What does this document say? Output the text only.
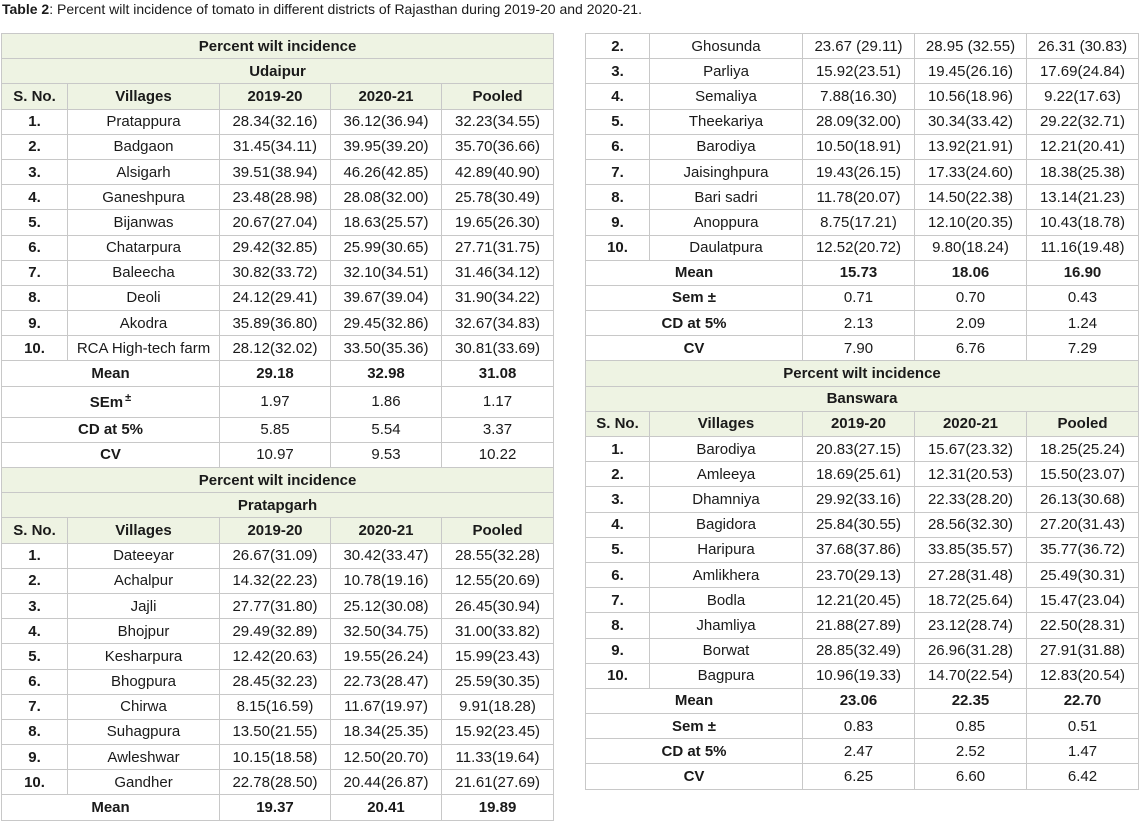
Table 2: Percent wilt incidence of tomato in different districts of Rajasthan during 2019-20 and 2020-21.
Percent wilt incidence				
Udaipur				
S. No.	Villages	2019-20	2020-21	Pooled
1.	Pratappura	28.34(32.16)	36.12(36.94)	32.23(34.55)
2.	Badgaon	31.45(34.11)	39.95(39.20)	35.70(36.66)
3.	Alsigarh	39.51(38.94)	46.26(42.85)	42.89(40.90)
4.	Ganeshpura	23.48(28.98)	28.08(32.00)	25.78(30.49)
5.	Bijanwas	20.67(27.04)	18.63(25.57)	19.65(26.30)
6.	Chatarpura	29.42(32.85)	25.99(30.65)	27.71(31.75)
7.	Baleecha	30.82(33.72)	32.10(34.51)	31.46(34.12)
8.	Deoli	24.12(29.41)	39.67(39.04)	31.90(34.22)
9.	Akodra	35.89(36.80)	29.45(32.86)	32.67(34.83)
10.	RCA High-tech farm	28.12(32.02)	33.50(35.36)	30.81(33.69)
Mean		29.18	32.98	31.08
SEm ±		1.97	1.86	1.17
CD at 5%		5.85	5.54	3.37
CV		10.97	9.53	10.22
Percent wilt incidence				
Pratapgarh				
S. No.	Villages	2019-20	2020-21	Pooled
1.	Dateeyar	26.67(31.09)	30.42(33.47)	28.55(32.28)
2.	Achalpur	14.32(22.23)	10.78(19.16)	12.55(20.69)
3.	Jajli	27.77(31.80)	25.12(30.08)	26.45(30.94)
4.	Bhojpur	29.49(32.89)	32.50(34.75)	31.00(33.82)
5.	Kesharpura	12.42(20.63)	19.55(26.24)	15.99(23.43)
6.	Bhogpura	28.45(32.23)	22.73(28.47)	25.59(30.35)
7.	Chirwa	8.15(16.59)	11.67(19.97)	9.91(18.28)
8.	Suhagpura	13.50(21.55)	18.34(25.35)	15.92(23.45)
9.	Awleshwar	10.15(18.58)	12.50(20.70)	11.33(19.64)
10.	Gandher	22.78(28.50)	20.44(26.87)	21.61(27.69)
Mean		19.37	20.41	19.89
2.	Ghosunda	23.67 (29.11)	28.95 (32.55)	26.31 (30.83)
3.	Parliya	15.92(23.51)	19.45(26.16)	17.69(24.84)
4.	Semaliya	7.88(16.30)	10.56(18.96)	9.22(17.63)
5.	Theekariya	28.09(32.00)	30.34(33.42)	29.22(32.71)
6.	Barodiya	10.50(18.91)	13.92(21.91)	12.21(20.41)
7.	Jaisinghpura	19.43(26.15)	17.33(24.60)	18.38(25.38)
8.	Bari sadri	11.78(20.07)	14.50(22.38)	13.14(21.23)
9.	Anoppura	8.75(17.21)	12.10(20.35)	10.43(18.78)
10.	Daulatpura	12.52(20.72)	9.80(18.24)	11.16(19.48)
Mean		15.73	18.06	16.90
Sem ±		0.71	0.70	0.43
CD at 5%		2.13	2.09	1.24
CV		7.90	6.76	7.29
Percent wilt incidence				
Banswara				
S. No.	Villages	2019-20	2020-21	Pooled
1.	Barodiya	20.83(27.15)	15.67(23.32)	18.25(25.24)
2.	Amleeya	18.69(25.61)	12.31(20.53)	15.50(23.07)
3.	Dhamniya	29.92(33.16)	22.33(28.20)	26.13(30.68)
4.	Bagidora	25.84(30.55)	28.56(32.30)	27.20(31.43)
5.	Haripura	37.68(37.86)	33.85(35.57)	35.77(36.72)
6.	Amlikhera	23.70(29.13)	27.28(31.48)	25.49(30.31)
7.	Bodla	12.21(20.45)	18.72(25.64)	15.47(23.04)
8.	Jhamliya	21.88(27.89)	23.12(28.74)	22.50(28.31)
9.	Borwat	28.85(32.49)	26.96(31.28)	27.91(31.88)
10.	Bagpura	10.96(19.33)	14.70(22.54)	12.83(20.54)
Mean		23.06	22.35	22.70
Sem ±		0.83	0.85	0.51
CD at 5%		2.47	2.52	1.47
CV		6.25	6.60	6.42
